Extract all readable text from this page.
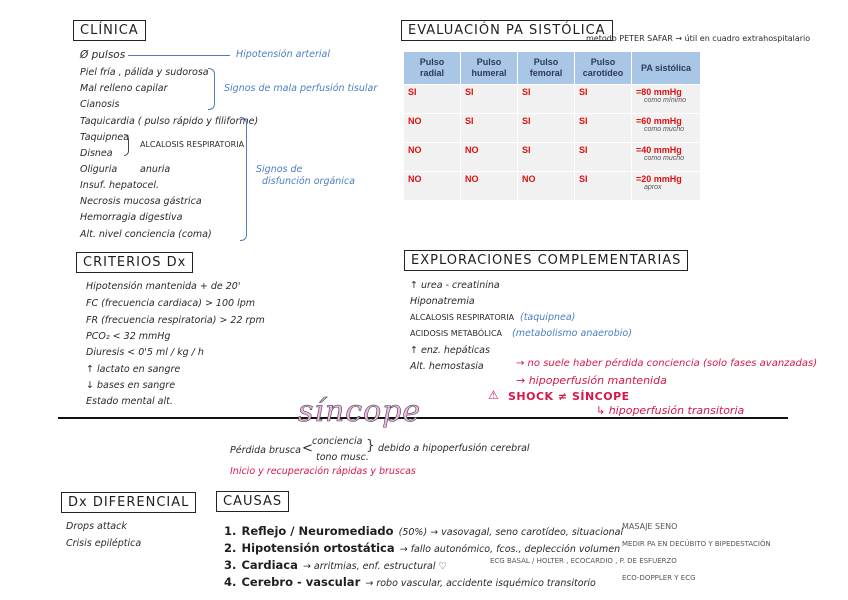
CLÍNICA
Ø pulsos	Hipotensión arterial
Piel fría , pálida y sudorosa
Mal relleno capilar
Cianosis
Signos de mala perfusión tisular
Taquicardia ( pulso rápido y filiforme)
Taquipnea
Disnea
ALCALOSIS RESPIRATORIA
Oliguria anuria
Insuf. hepatocel.
Necrosis mucosa gástrica
Hemorragia digestiva
Alt. nivel conciencia (coma)
Signos de
disfunción orgánica
EVALUACIÓN PA SISTÓLICA
metodo PETER SAFAR → útil en cuadro extrahospitalario
Pulso radial	Pulso humeral	Pulso femoral	Pulso carotídeo	PA sistólica
SI	SI	SI	SI	=80 mmHg
como mínimo

NO	SI	SI	SI	=60 mmHg
como mucho

NO	NO	SI	SI	=40 mmHg
como mucho

NO	NO	NO	SI	=20 mmHg
aprox
CRITERIOS Dx
Hipotensión mantenida + de 20'
FC (frecuencia cardiaca) > 100 lpm
FR (frecuencia respiratoria) > 22 rpm
PCO₂ < 32 mmHg
Diuresis < 0'5 ml / kg / h
↑ lactato en sangre
↓ bases en sangre
Estado mental alt.
EXPLORACIONES COMPLEMENTARIAS
↑ urea - creatinina
Hiponatremia
ALCALOSIS RESPIRATORIA (taquipnea)
ACIDOSIS METABÓLICA (metabolismo anaerobio)
↑ enz. hepáticas
Alt. hemostasia	→ no suele haber pérdida conciencia (solo fases avanzadas)
→ hipoperfusión mantenida
⚠ SHOCK ≠ SÍNCOPE
↳ hipoperfusión transitoria
síncope
Pérdida brusca < conciencia
tono musc.
} debido a hipoperfusión cerebral
Inicio y recuperación rápidas y bruscas
Dx DIFERENCIAL
Drops attack
Crisis epiléptica
CAUSAS
1. Reflejo / Neuromediado (50%) → vasovagal, seno carotídeo, situacional
MASAJE SENO
2. Hipotensión ortostática → fallo autonómico, fcos., deplección volumen MEDIR PA EN DECÚBITO Y BIPEDESTACIÓN
3. Cardiaca → arritmias, enf. estructural ♡	ECG BASAL / HOLTER , ECOCARDIO , P. DE ESFUERZO
4. Cerebro - vascular → robo vascular, accidente isquémico transitorio	ECO-DOPPLER Y ECG
